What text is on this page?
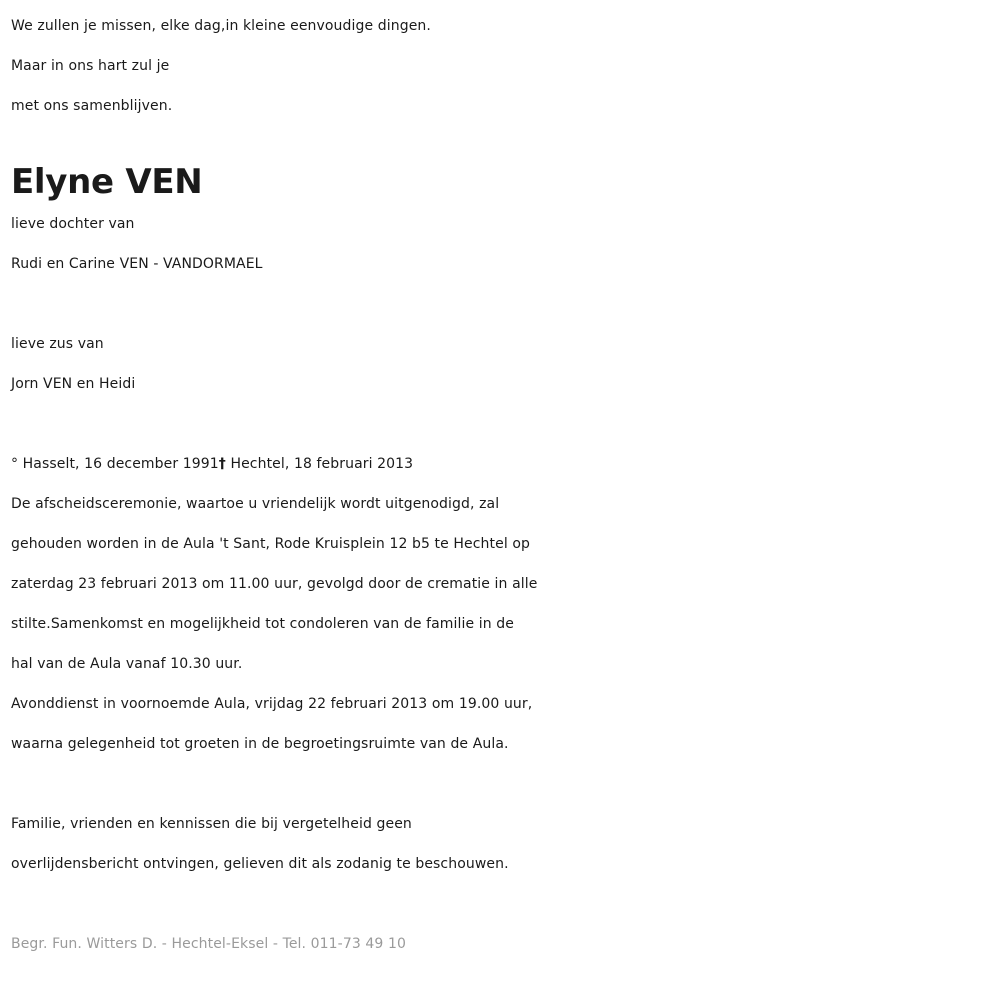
We zullen je missen, elke dag,in kleine eenvoudige dingen.
Maar in ons hart zul je
met ons samenblijven.
Elyne VEN
lieve dochter van
Rudi en Carine VEN - VANDORMAEL
lieve zus van
Jorn VEN en Heidi
° Hasselt, 16 december 1991† Hechtel, 18 februari 2013
De afscheidsceremonie, waartoe u vriendelijk wordt uitgenodigd, zal
gehouden worden in de Aula 't Sant, Rode Kruisplein 12 b5 te Hechtel op
zaterdag 23 februari 2013 om 11.00 uur, gevolgd door de crematie in alle
stilte.Samenkomst en mogelijkheid tot condoleren van de familie in de
hal van de Aula vanaf 10.30 uur.
Avonddienst in voornoemde Aula, vrijdag 22 februari 2013 om 19.00 uur,
waarna gelegenheid tot groeten in de begroetingsruimte van de Aula.
Familie, vrienden en kennissen die bij vergetelheid geen
overlijdensbericht ontvingen, gelieven dit als zodanig te beschouwen.
Begr. Fun. Witters D. - Hechtel-Eksel - Tel. 011-73 49 10
